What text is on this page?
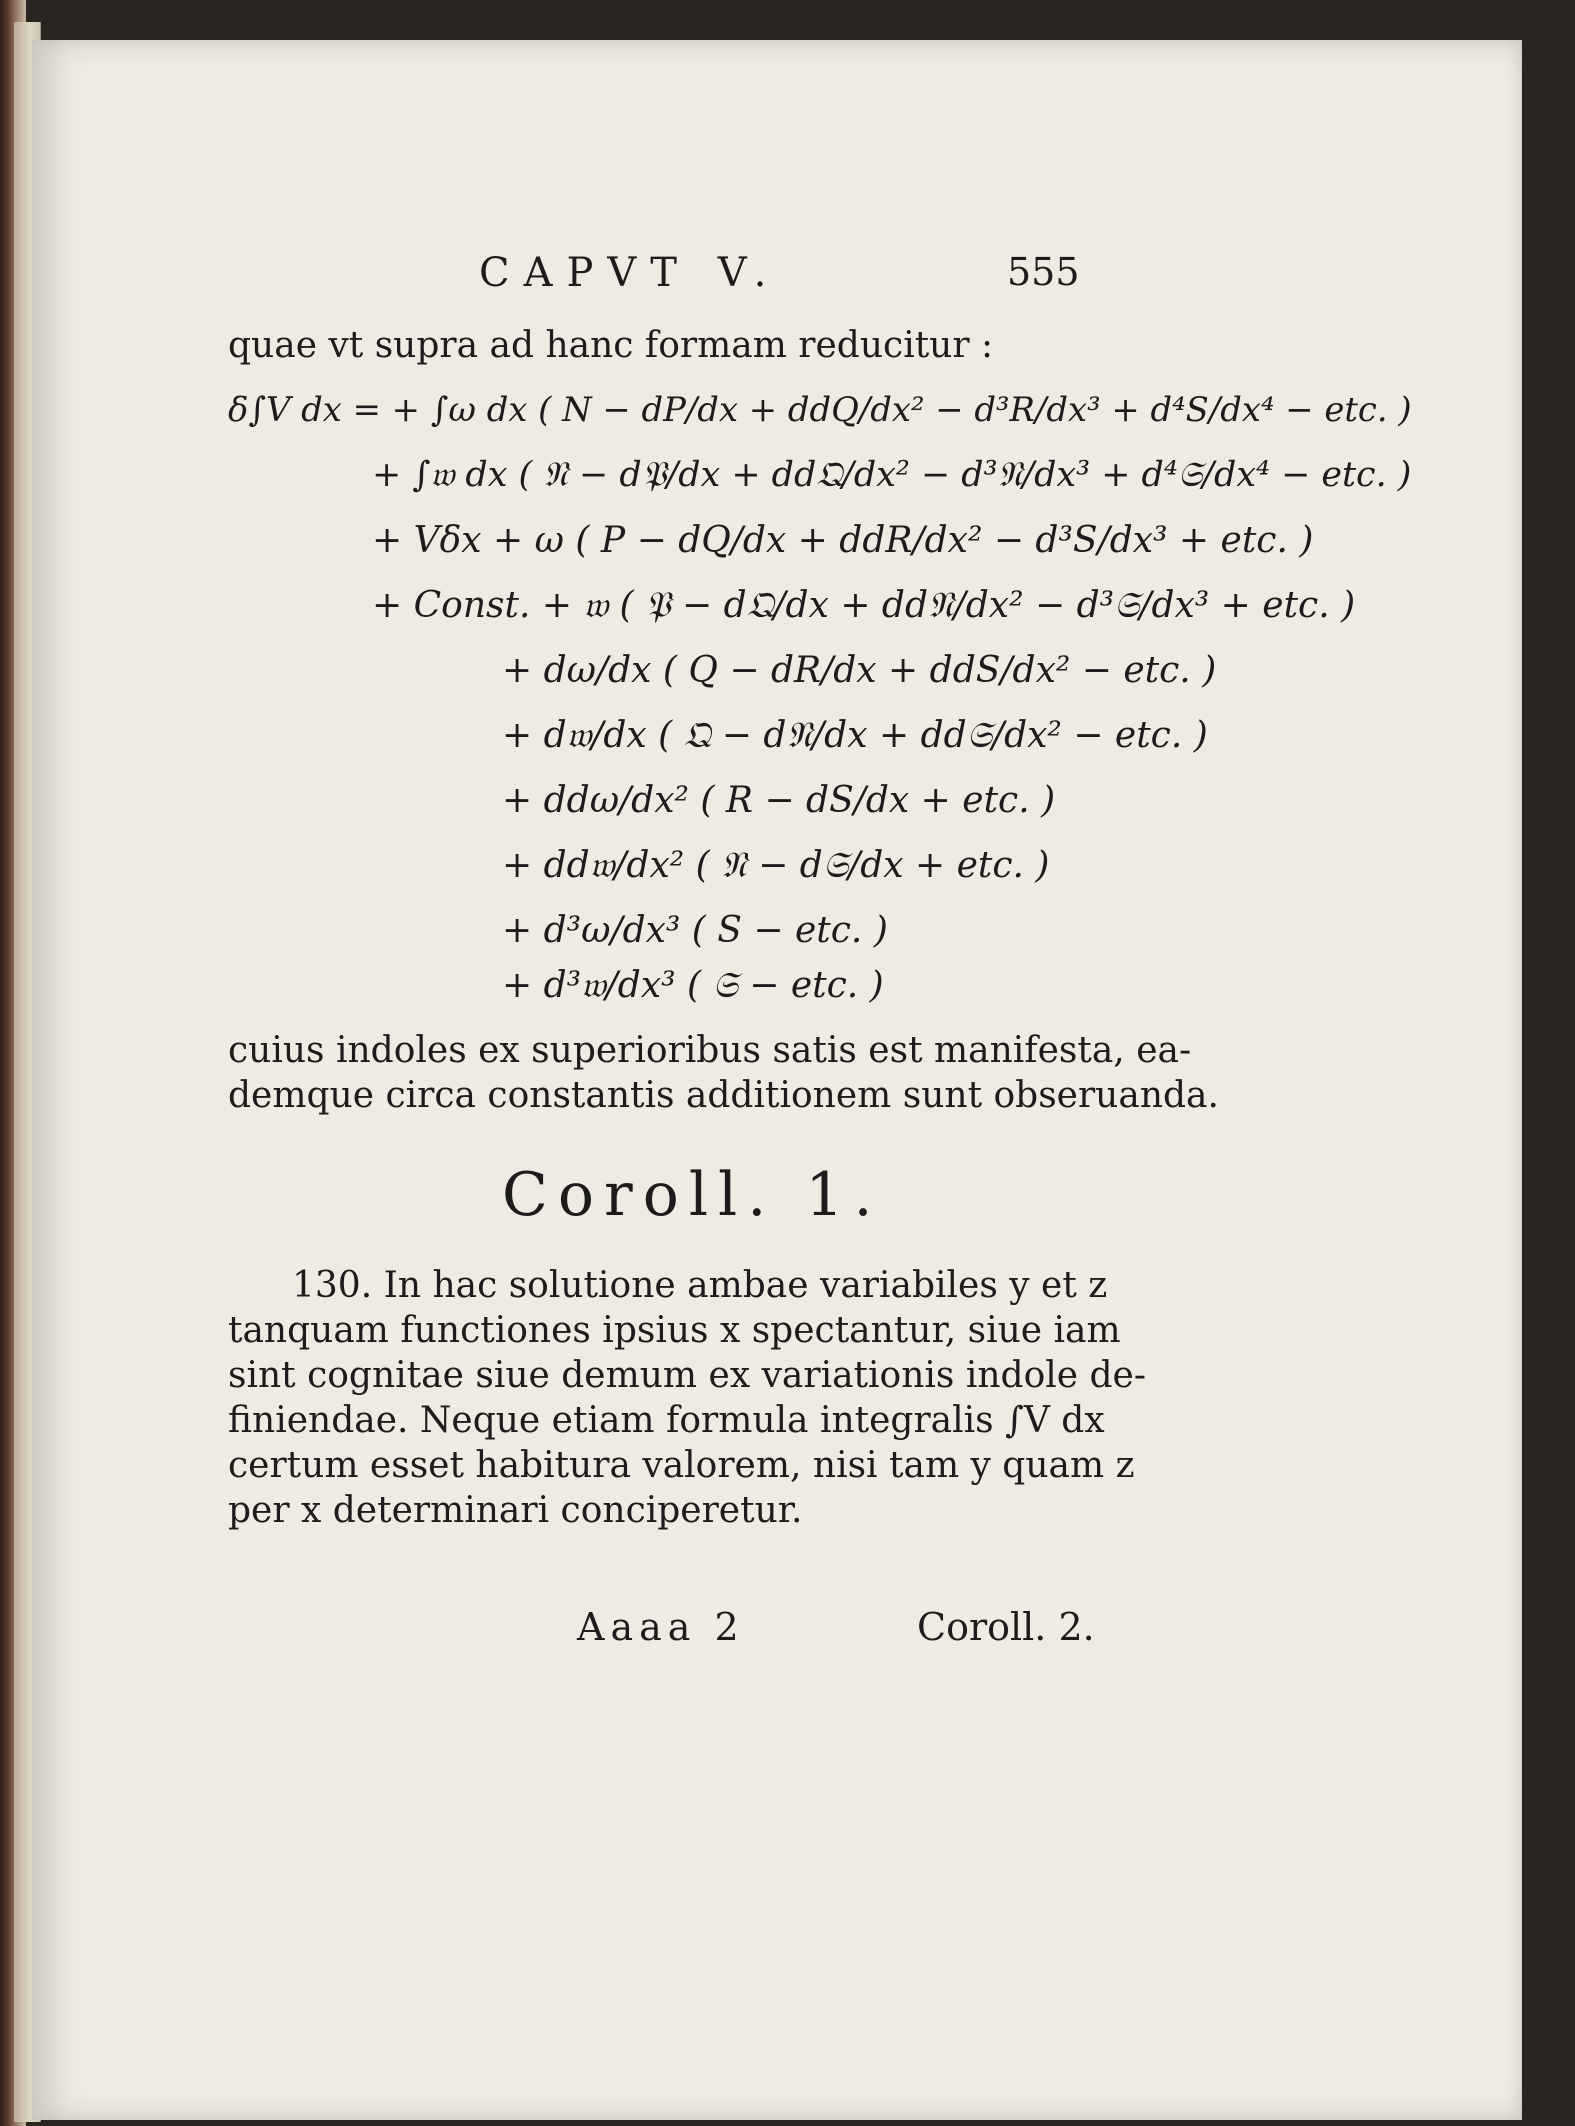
CAPVT V.	555
quae vt supra ad hanc formam reducitur :
δ∫V dx = + ∫ω dx ( N − dP/dx + ddQ/dx² − d³R/dx³ + d⁴S/dx⁴ − etc. )
+ ∫𝔴 dx ( 𝔑 − d𝔓/dx + dd𝔔/dx² − d³𝔑/dx³ + d⁴𝔖/dx⁴ − etc. )
+ Vδx + ω ( P − dQ/dx + ddR/dx² − d³S/dx³ + etc. )
+ Const. + 𝔴 ( 𝔓 − d𝔔/dx + dd𝔑/dx² − d³𝔖/dx³ + etc. )
+ dω/dx ( Q − dR/dx + ddS/dx² − etc. )
+ d𝔴/dx ( 𝔔 − d𝔑/dx + dd𝔖/dx² − etc. )
+ ddω/dx² ( R − dS/dx + etc. )
+ dd𝔴/dx² ( 𝔑 − d𝔖/dx + etc. )
+ d³ω/dx³ ( S − etc. )
+ d³𝔴/dx³ ( 𝔖 − etc. )
cuius indoles ex superioribus satis est manifesta, ea-
demque circa constantis additionem sunt obseruanda.
Coroll. 1.
130. In hac solutione ambae variabiles y et z
tanquam functiones ipsius x spectantur, siue iam
sint cognitae siue demum ex variationis indole de-
finiendae. Neque etiam formula integralis ∫V dx
certum esset habitura valorem, nisi tam y quam z
per x determinari conciperetur.
Aaaa 2	Coroll. 2.
